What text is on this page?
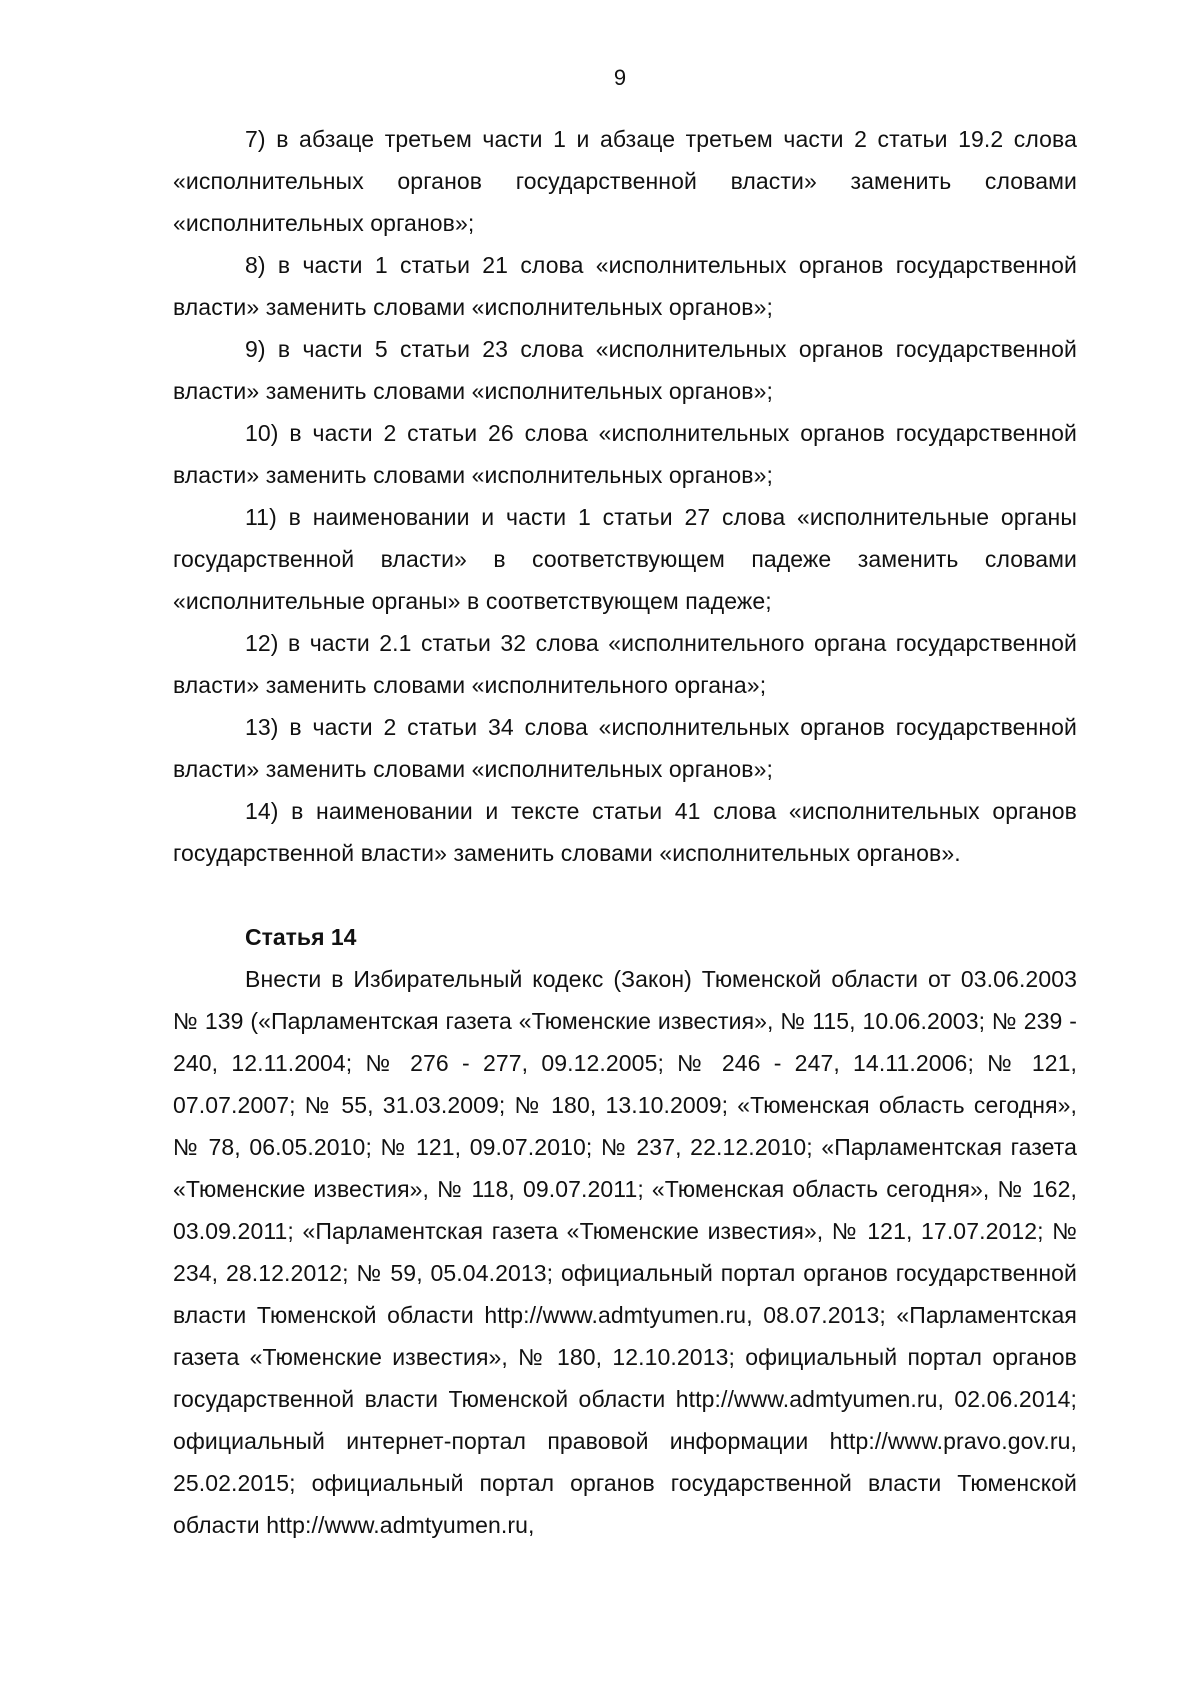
9

7) в абзаце третьем части 1 и абзаце третьем части 2 статьи 19.2 слова «исполнительных органов государственной власти» заменить словами «исполнительных органов»;

8) в части 1 статьи 21 слова «исполнительных органов государственной власти» заменить словами «исполнительных органов»;

9) в части 5 статьи 23 слова «исполнительных органов государственной власти» заменить словами «исполнительных органов»;

10) в части 2 статьи 26 слова «исполнительных органов государственной власти» заменить словами «исполнительных органов»;

11) в наименовании и части 1 статьи 27 слова «исполнительные органы государственной власти» в соответствующем падеже заменить словами «исполнительные органы» в соответствующем падеже;

12) в части 2.1 статьи 32 слова «исполнительного органа государственной власти» заменить словами «исполнительного органа»;

13) в части 2 статьи 34 слова «исполнительных органов государственной власти» заменить словами «исполнительных органов»;

14) в наименовании и тексте статьи 41 слова «исполнительных органов государственной власти» заменить словами «исполнительных органов».

Статья 14

Внести в Избирательный кодекс (Закон) Тюменской области от 03.06.2003 № 139 («Парламентская газета «Тюменские известия», № 115, 10.06.2003; № 239 - 240, 12.11.2004; № 276 - 277, 09.12.2005; № 246 - 247, 14.11.2006; № 121, 07.07.2007; № 55, 31.03.2009; № 180, 13.10.2009; «Тюменская область сегодня», № 78, 06.05.2010; № 121, 09.07.2010; № 237, 22.12.2010; «Парламентская газета «Тюменские известия», № 118, 09.07.2011; «Тюменская область сегодня», № 162, 03.09.2011; «Парламентская газета «Тюменские известия», № 121, 17.07.2012; № 234, 28.12.2012; № 59, 05.04.2013; официальный портал органов государственной власти Тюменской области http://www.admtyumen.ru, 08.07.2013; «Парламентская газета «Тюменские известия», № 180, 12.10.2013; официальный портал органов государственной власти Тюменской области http://www.admtyumen.ru, 02.06.2014; официальный интернет-портал правовой информации http://www.pravo.gov.ru, 25.02.2015; официальный портал органов государственной власти Тюменской области http://www.admtyumen.ru,
